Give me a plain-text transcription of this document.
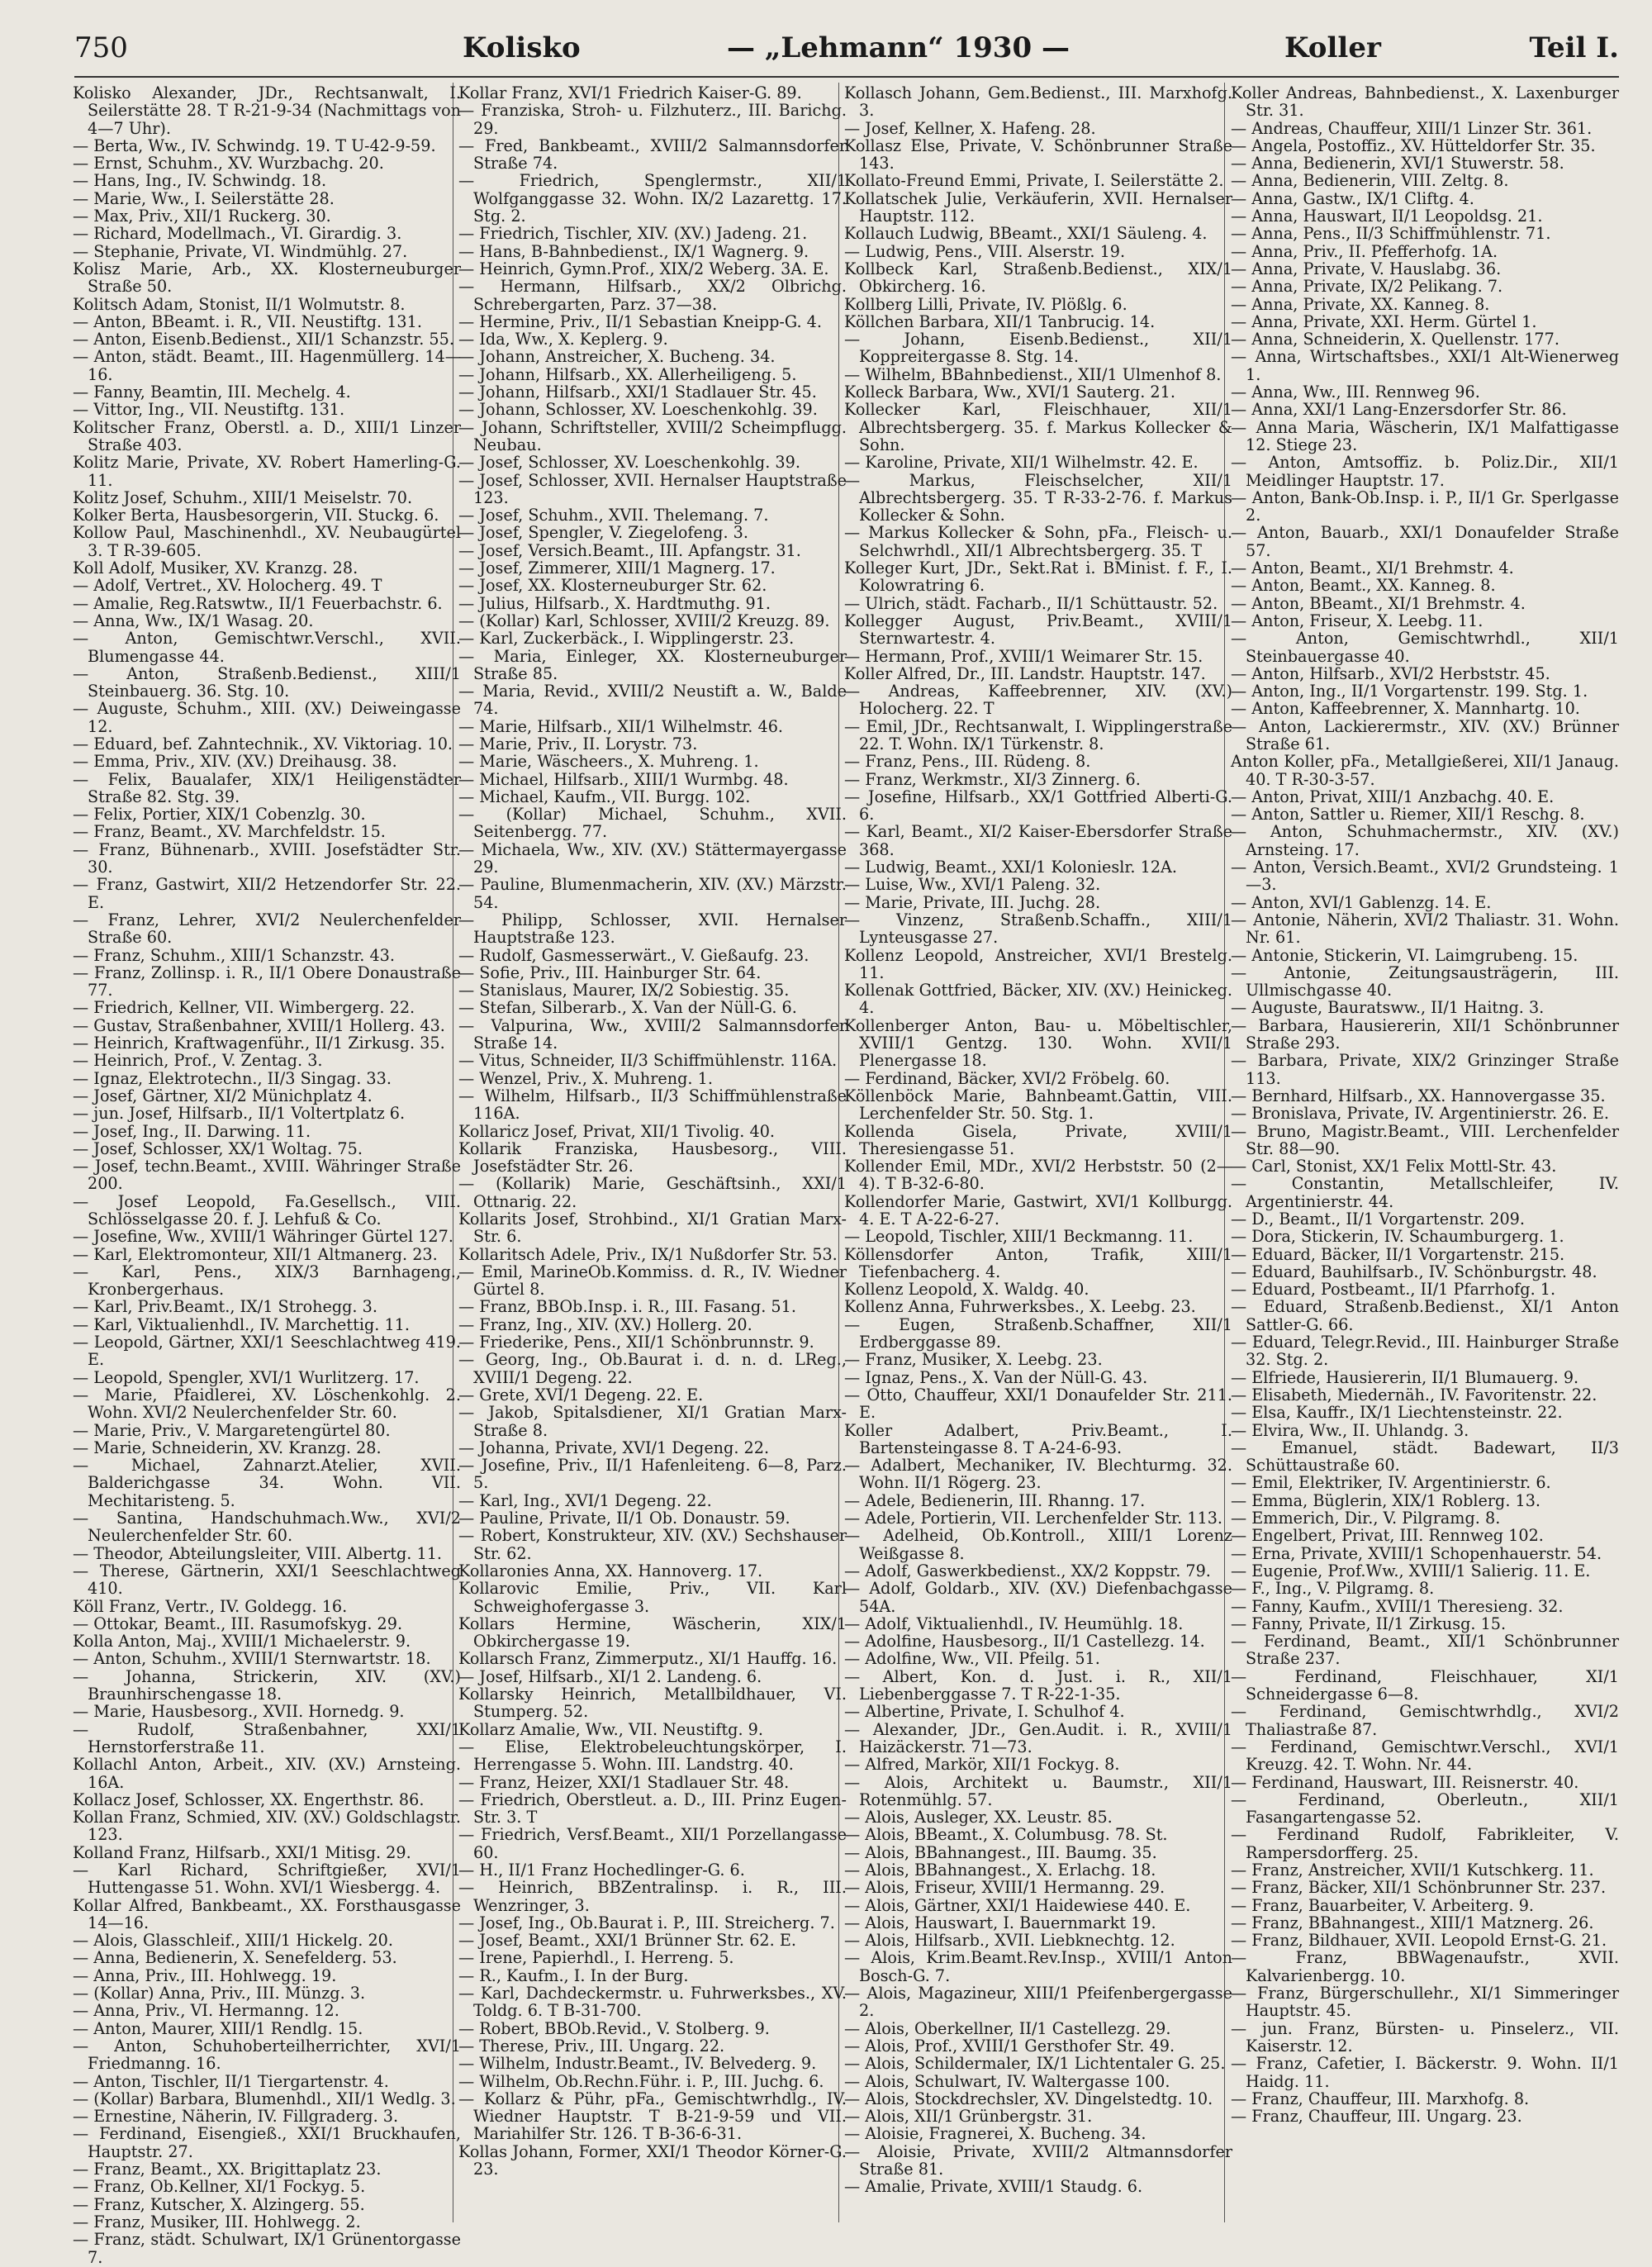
750	Kolisko	— „Lehmann“ 1930 —	Koller	Teil I.

Kolisko Alexander, JDr., Rechtsanwalt, I. Seilerstätte 28. T R-21-9-34 (Nachmittags von 4—7 Uhr).

— Berta, Ww., IV. Schwindg. 19. T U-42-9-59.

— Ernst, Schuhm., XV. Wurzbachg. 20.

— Hans, Ing., IV. Schwindg. 18.

— Marie, Ww., I. Seilerstätte 28.

— Max, Priv., XII/1 Ruckerg. 30.

— Richard, Modellmach., VI. Girardig. 3.

— Stephanie, Private, VI. Windmühlg. 27.

Kolisz Marie, Arb., XX. Klosterneuburger Straße 50.

Kolitsch Adam, Stonist, II/1 Wolmutstr. 8.

— Anton, BBeamt. i. R., VII. Neustiftg. 131.

— Anton, Eisenb.Bedienst., XII/1 Schanzstr. 55.

— Anton, städt. Beamt., III. Hagenmüllerg. 14—16.

— Fanny, Beamtin, III. Mechelg. 4.

— Vittor, Ing., VII. Neustiftg. 131.

Kolitscher Franz, Oberstl. a. D., XIII/1 Linzer Straße 403.

Kolitz Marie, Private, XV. Robert Hamerling-G. 11.

Kolitz Josef, Schuhm., XIII/1 Meiselstr. 70.

Kolker Berta, Hausbesorgerin, VII. Stuckg. 6.

Kollow Paul, Maschinenhdl., XV. Neubaugürtel 3. T R-39-605.

Koll Adolf, Musiker, XV. Kranzg. 28.

— Adolf, Vertret., XV. Holocherg. 49. T

— Amalie, Reg.Ratswtw., II/1 Feuerbachstr. 6.

— Anna, Ww., IX/1 Wasag. 20.

— Anton, Gemischtwr.Verschl., XVII. Blumengasse 44.

— Anton, Straßenb.Bedienst., XIII/1 Steinbauerg. 36. Stg. 10.

— Auguste, Schuhm., XIII. (XV.) Deiweingasse 12.

— Eduard, bef. Zahntechnik., XV. Viktoriag. 10.

— Emma, Priv., XIV. (XV.) Dreihausg. 38.

— Felix, Baualafer, XIX/1 Heiligenstädter Straße 82. Stg. 39.

— Felix, Portier, XIX/1 Cobenzlg. 30.

— Franz, Beamt., XV. Marchfeldstr. 15.

— Franz, Bühnenarb., XVIII. Josefstädter Str. 30.

— Franz, Gastwirt, XII/2 Hetzendorfer Str. 22. E.

— Franz, Lehrer, XVI/2 Neulerchenfelder Straße 60.

— Franz, Schuhm., XIII/1 Schanzstr. 43.

— Franz, Zollinsp. i. R., II/1 Obere Donaustraße 77.

— Friedrich, Kellner, VII. Wimbergerg. 22.

— Gustav, Straßenbahner, XVIII/1 Hollerg. 43.

— Heinrich, Kraftwagenführ., II/1 Zirkusg. 35.

— Heinrich, Prof., V. Zentag. 3.

— Ignaz, Elektrotechn., II/3 Singag. 33.

— Josef, Gärtner, XI/2 Münichplatz 4.

— jun. Josef, Hilfsarb., II/1 Voltertplatz 6.

— Josef, Ing., II. Darwing. 11.

— Josef, Schlosser, XX/1 Woltag. 75.

— Josef, techn.Beamt., XVIII. Währinger Straße 200.

— Josef Leopold, Fa.Gesellsch., VIII. Schlösselgasse 20. f. J. Lehfuß & Co.

— Josefine, Ww., XVIII/1 Währinger Gürtel 127.

— Karl, Elektromonteur, XII/1 Altmanerg. 23.

— Karl, Pens., XIX/3 Barnhageng., Kronbergerhaus.

— Karl, Priv.Beamt., IX/1 Strohegg. 3.

— Karl, Viktualienhdl., IV. Marchettig. 11.

— Leopold, Gärtner, XXI/1 Seeschlachtweg 419. E.

— Leopold, Spengler, XVI/1 Wurlitzerg. 17.

— Marie, Pfaidlerei, XV. Löschenkohlg. 2. Wohn. XVI/2 Neulerchenfelder Str. 60.

— Marie, Priv., V. Margaretengürtel 80.

— Marie, Schneiderin, XV. Kranzg. 28.

— Michael, Zahnarzt.Atelier, XVII. Balderichgasse 34. Wohn. VII. Mechitaristeng. 5.

— Santina, Handschuhmach.Ww., XVI/2 Neulerchenfelder Str. 60.

— Theodor, Abteilungsleiter, VIII. Albertg. 11.

— Therese, Gärtnerin, XXI/1 Seeschlachtweg 410.

Köll Franz, Vertr., IV. Goldegg. 16.

— Ottokar, Beamt., III. Rasumofskyg. 29.

Kolla Anton, Maj., XVIII/1 Michaelerstr. 9.

— Anton, Schuhm., XVIII/1 Sternwartstr. 18.

— Johanna, Strickerin, XIV. (XV.) Braunhirschengasse 18.

— Marie, Hausbesorg., XVII. Hornedg. 9.

— Rudolf, Straßenbahner, XXI/1 Hernstorferstraße 11.

Kollachl Anton, Arbeit., XIV. (XV.) Arnsteing. 16A.

Kollacz Josef, Schlosser, XX. Engerthstr. 86.

Kollan Franz, Schmied, XIV. (XV.) Goldschlagstr. 123.

Kolland Franz, Hilfsarb., XXI/1 Mitisg. 29.

— Karl Richard, Schriftgießer, XVI/1 Huttengasse 51. Wohn. XVI/1 Wiesbergg. 4.

Kollar Alfred, Bankbeamt., XX. Forsthausgasse 14—16.

— Alois, Glasschleif., XIII/1 Hickelg. 20.

— Anna, Bedienerin, X. Senefelderg. 53.

— Anna, Priv., III. Hohlwegg. 19.

— (Kollar) Anna, Priv., III. Münzg. 3.

— Anna, Priv., VI. Hermanng. 12.

— Anton, Maurer, XIII/1 Rendlg. 15.

— Anton, Schuhoberteilherrichter, XVI/1 Friedmanng. 16.

— Anton, Tischler, II/1 Tiergartenstr. 4.

— (Kollar) Barbara, Blumenhdl., XII/1 Wedlg. 3.

— Ernestine, Näherin, IV. Fillgraderg. 3.

— Ferdinand, Eisengieß., XXI/1 Bruckhaufen, Hauptstr. 27.

— Franz, Beamt., XX. Brigittaplatz 23.

— Franz, Ob.Kellner, XI/1 Fockyg. 5.

— Franz, Kutscher, X. Alzingerg. 55.

— Franz, Musiker, III. Hohlwegg. 2.

— Franz, städt. Schulwart, IX/1 Grünentorgasse 7.

Kollar Franz, XVI/1 Friedrich Kaiser-G. 89.

— Franziska, Stroh- u. Filzhuterz., III. Barichg. 29.

— Fred, Bankbeamt., XVIII/2 Salmannsdorfer Straße 74.

— Friedrich, Spenglermstr., XII/1 Wolfganggasse 32. Wohn. IX/2 Lazarettg. 17. Stg. 2.

— Friedrich, Tischler, XIV. (XV.) Jadeng. 21.

— Hans, B-Bahnbedienst., IX/1 Wagnerg. 9.

— Heinrich, Gymn.Prof., XIX/2 Weberg. 3A. E.

— Hermann, Hilfsarb., XX/2 Olbrichg. Schrebergarten, Parz. 37—38.

— Hermine, Priv., II/1 Sebastian Kneipp-G. 4.

— Ida, Ww., X. Keplerg. 9.

— Johann, Anstreicher, X. Bucheng. 34.

— Johann, Hilfsarb., XX. Allerheiligeng. 5.

— Johann, Hilfsarb., XXI/1 Stadlauer Str. 45.

— Johann, Schlosser, XV. Loeschenkohlg. 39.

— Johann, Schriftsteller, XVIII/2 Scheimpflugg. Neubau.

— Josef, Schlosser, XV. Loeschenkohlg. 39.

— Josef, Schlosser, XVII. Hernalser Hauptstraße 123.

— Josef, Schuhm., XVII. Thelemang. 7.

— Josef, Spengler, V. Ziegelofeng. 3.

— Josef, Versich.Beamt., III. Apfangstr. 31.

— Josef, Zimmerer, XIII/1 Magnerg. 17.

— Josef, XX. Klosterneuburger Str. 62.

— Julius, Hilfsarb., X. Hardtmuthg. 91.

— (Kollar) Karl, Schlosser, XVIII/2 Kreuzg. 89.

— Karl, Zuckerbäck., I. Wipplingerstr. 23.

— Maria, Einleger, XX. Klosterneuburger Straße 85.

— Maria, Revid., XVIII/2 Neustift a. W., Balde 74.

— Marie, Hilfsarb., XII/1 Wilhelmstr. 46.

— Marie, Priv., II. Lorystr. 73.

— Marie, Wäscheers., X. Muhreng. 1.

— Michael, Hilfsarb., XIII/1 Wurmbg. 48.

— Michael, Kaufm., VII. Burgg. 102.

— (Kollar) Michael, Schuhm., XVII. Seitenbergg. 77.

— Michaela, Ww., XIV. (XV.) Stättermayergasse 29.

— Pauline, Blumenmacherin, XIV. (XV.) Märzstr. 54.

— Philipp, Schlosser, XVII. Hernalser Hauptstraße 123.

— Rudolf, Gasmesserwärt., V. Gießaufg. 23.

— Sofie, Priv., III. Hainburger Str. 64.

— Stanislaus, Maurer, IX/2 Sobiestig. 35.

— Stefan, Silberarb., X. Van der Nüll-G. 6.

— Valpurina, Ww., XVIII/2 Salmannsdorfer Straße 14.

— Vitus, Schneider, II/3 Schiffmühlenstr. 116A.

— Wenzel, Priv., X. Muhreng. 1.

— Wilhelm, Hilfsarb., II/3 Schiffmühlenstraße 116A.

Kollaricz Josef, Privat, XII/1 Tivolig. 40.

Kollarik Franziska, Hausbesorg., VIII. Josefstädter Str. 26.

— (Kollarik) Marie, Geschäftsinh., XXI/1 Ottnarig. 22.

Kollarits Josef, Strohbind., XI/1 Gratian Marx-Str. 6.

Kollaritsch Adele, Priv., IX/1 Nußdorfer Str. 53.

— Emil, MarineOb.Kommiss. d. R., IV. Wiedner Gürtel 8.

— Franz, BBOb.Insp. i. R., III. Fasang. 51.

— Franz, Ing., XIV. (XV.) Hollerg. 20.

— Friederike, Pens., XII/1 Schönbrunnstr. 9.

— Georg, Ing., Ob.Baurat i. d. n. d. LReg., XVIII/1 Degeng. 22.

— Grete, XVI/1 Degeng. 22. E.

— Jakob, Spitalsdiener, XI/1 Gratian Marx-Straße 8.

— Johanna, Private, XVI/1 Degeng. 22.

— Josefine, Priv., II/1 Hafenleiteng. 6—8, Parz. 5.

— Karl, Ing., XVI/1 Degeng. 22.

— Pauline, Private, II/1 Ob. Donaustr. 59.

— Robert, Konstrukteur, XIV. (XV.) Sechshauser Str. 62.

Kollaronies Anna, XX. Hannoverg. 17.

Kollarovic Emilie, Priv., VII. Karl Schweighofergasse 3.

Kollars Hermine, Wäscherin, XIX/1 Obkirchergasse 19.

Kollarsch Franz, Zimmerputz., XI/1 Hauffg. 16.

— Josef, Hilfsarb., XI/1 2. Landeng. 6.

Kollarsky Heinrich, Metallbildhauer, VI. Stumperg. 52.

Kollarz Amalie, Ww., VII. Neustiftg. 9.

— Elise, Elektrobeleuchtungskörper, I. Herrengasse 5. Wohn. III. Landstrg. 40.

— Franz, Heizer, XXI/1 Stadlauer Str. 48.

— Friedrich, Oberstleut. a. D., III. Prinz Eugen-Str. 3. T

— Friedrich, Versf.Beamt., XII/1 Porzellangasse 60.

— H., II/1 Franz Hochedlinger-G. 6.

— Heinrich, BBZentralinsp. i. R., III. Wenzringer, 3.

— Josef, Ing., Ob.Baurat i. P., III. Streicherg. 7.

— Josef, Beamt., XXI/1 Brünner Str. 62. E.

— Irene, Papierhdl., I. Herreng. 5.

— R., Kaufm., I. In der Burg.

— Karl, Dachdeckermstr. u. Fuhrwerksbes., XV. Toldg. 6. T B-31-700.

— Robert, BBOb.Revid., V. Stolberg. 9.

— Therese, Priv., III. Ungarg. 22.

— Wilhelm, Industr.Beamt., IV. Belvederg. 9.

— Wilhelm, Ob.Rechn.Führ. i. P., III. Juchg. 6.

— Kollarz & Pühr, pFa., Gemischtwrhdlg., IV. Wiedner Hauptstr. T B-21-9-59 und VII. Mariahilfer Str. 126. T B-36-6-31.

Kollas Johann, Former, XXI/1 Theodor Körner-G. 23.

Kollasch Johann, Gem.Bedienst., III. Marxhofg. 3.

— Josef, Kellner, X. Hafeng. 28.

Kollasz Else, Private, V. Schönbrunner Straße 143.

Kollato-Freund Emmi, Private, I. Seilerstätte 2.

Kollatschek Julie, Verkäuferin, XVII. Hernalser Hauptstr. 112.

Kollauch Ludwig, BBeamt., XXI/1 Säuleng. 4.

— Ludwig, Pens., VIII. Alserstr. 19.

Kollbeck Karl, Straßenb.Bedienst., XIX/1 Obkircherg. 16.

Kollberg Lilli, Private, IV. Plößlg. 6.

Köllchen Barbara, XII/1 Tanbrucig. 14.

— Johann, Eisenb.Bedienst., XII/1 Koppreitergasse 8. Stg. 14.

— Wilhelm, BBahnbedienst., XII/1 Ulmenhof 8.

Kolleck Barbara, Ww., XVI/1 Sauterg. 21.

Kollecker Karl, Fleischhauer, XII/1 Albrechtsbergerg. 35. f. Markus Kollecker & Sohn.

— Karoline, Private, XII/1 Wilhelmstr. 42. E.

— Markus, Fleischselcher, XII/1 Albrechtsbergerg. 35. T R-33-2-76. f. Markus Kollecker & Sohn.

— Markus Kollecker & Sohn, pFa., Fleisch- u. Selchwrhdl., XII/1 Albrechtsbergerg. 35. T

Kolleger Kurt, JDr., Sekt.Rat i. BMinist. f. F., I. Kolowratring 6.

— Ulrich, städt. Facharb., II/1 Schüttaustr. 52.

Kollegger August, Priv.Beamt., XVIII/1 Sternwartestr. 4.

— Hermann, Prof., XVIII/1 Weimarer Str. 15.

Koller Alfred, Dr., III. Landstr. Hauptstr. 147.

— Andreas, Kaffeebrenner, XIV. (XV.) Holocherg. 22. T

— Emil, JDr., Rechtsanwalt, I. Wipplingerstraße 22. T. Wohn. IX/1 Türkenstr. 8.

— Franz, Pens., III. Rüdeng. 8.

— Franz, Werkmstr., XI/3 Zinnerg. 6.

— Josefine, Hilfsarb., XX/1 Gottfried Alberti-G. 6.

— Karl, Beamt., XI/2 Kaiser-Ebersdorfer Straße 368.

— Ludwig, Beamt., XXI/1 Kolonieslr. 12A.

— Luise, Ww., XVI/1 Paleng. 32.

— Marie, Private, III. Juchg. 28.

— Vinzenz, Straßenb.Schaffn., XIII/1 Lynteusgasse 27.

Kollenz Leopold, Anstreicher, XVI/1 Brestelg. 11.

Kollenak Gottfried, Bäcker, XIV. (XV.) Heinickeg. 4.

Kollenberger Anton, Bau- u. Möbeltischler, XVIII/1 Gentzg. 130. Wohn. XVII/1 Plenergasse 18.

— Ferdinand, Bäcker, XVI/2 Fröbelg. 60.

Köllenböck Marie, Bahnbeamt.Gattin, VIII. Lerchenfelder Str. 50. Stg. 1.

Kollenda Gisela, Private, XVIII/1 Theresiengasse 51.

Kollender Emil, MDr., XVI/2 Herbststr. 50 (2—4). T B-32-6-80.

Kollendorfer Marie, Gastwirt, XVI/1 Kollburgg. 4. E. T A-22-6-27.

— Leopold, Tischler, XIII/1 Beckmanng. 11.

Köllensdorfer Anton, Trafik, XIII/1 Tiefenbacherg. 4.

Kollenz Leopold, X. Waldg. 40.

Kollenz Anna, Fuhrwerksbes., X. Leebg. 23.

— Eugen, Straßenb.Schaffner, XII/1 Erdberggasse 89.

— Franz, Musiker, X. Leebg. 23.

— Ignaz, Pens., X. Van der Nüll-G. 43.

— Otto, Chauffeur, XXI/1 Donaufelder Str. 211. E.

Koller Adalbert, Priv.Beamt., I. Bartensteingasse 8. T A-24-6-93.

— Adalbert, Mechaniker, IV. Blechturmg. 32. Wohn. II/1 Rögerg. 23.

— Adele, Bedienerin, III. Rhanng. 17.

— Adele, Portierin, VII. Lerchenfelder Str. 113.

— Adelheid, Ob.Kontroll., XIII/1 Lorenz Weißgasse 8.

— Adolf, Gaswerkbedienst., XX/2 Koppstr. 79.

— Adolf, Goldarb., XIV. (XV.) Diefenbachgasse 54A.

— Adolf, Viktualienhdl., IV. Heumühlg. 18.

— Adolfine, Hausbesorg., II/1 Castellezg. 14.

— Adolfine, Ww., VII. Pfeilg. 51.

— Albert, Kon. d. Just. i. R., XII/1 Liebenberggasse 7. T R-22-1-35.

— Albertine, Private, I. Schulhof 4.

— Alexander, JDr., Gen.Audit. i. R., XVIII/1 Haizäckerstr. 71—73.

— Alfred, Markör, XII/1 Fockyg. 8.

— Alois, Architekt u. Baumstr., XII/1 Rotenmühlg. 57.

— Alois, Ausleger, XX. Leustr. 85.

— Alois, BBeamt., X. Columbusg. 78. St.

— Alois, BBahnangest., III. Baumg. 35.

— Alois, BBahnangest., X. Erlachg. 18.

— Alois, Friseur, XVIII/1 Hermanng. 29.

— Alois, Gärtner, XXI/1 Haidewiese 440. E.

— Alois, Hauswart, I. Bauernmarkt 19.

— Alois, Hilfsarb., XVII. Liebknechtg. 12.

— Alois, Krim.Beamt.Rev.Insp., XVIII/1 Anton Bosch-G. 7.

— Alois, Magazineur, XIII/1 Pfeifenbergergasse 2.

— Alois, Oberkellner, II/1 Castellezg. 29.

— Alois, Prof., XVIII/1 Gersthofer Str. 49.

— Alois, Schildermaler, IX/1 Lichtentaler G. 25.

— Alois, Schulwart, IV. Waltergasse 100.

— Alois, Stockdrechsler, XV. Dingelstedtg. 10.

— Alois, XII/1 Grünbergstr. 31.

— Aloisie, Fragnerei, X. Bucheng. 34.

— Aloisie, Private, XVIII/2 Altmannsdorfer Straße 81.

— Amalie, Private, XVIII/1 Staudg. 6.

Koller Andreas, Bahnbedienst., X. Laxenburger Str. 31.

— Andreas, Chauffeur, XIII/1 Linzer Str. 361.

— Angela, Postoffiz., XV. Hütteldorfer Str. 35.

— Anna, Bedienerin, XVI/1 Stuwerstr. 58.

— Anna, Bedienerin, VIII. Zeltg. 8.

— Anna, Gastw., IX/1 Cliftg. 4.

— Anna, Hauswart, II/1 Leopoldsg. 21.

— Anna, Pens., II/3 Schiffmühlenstr. 71.

— Anna, Priv., II. Pfefferhofg. 1A.

— Anna, Private, V. Hauslabg. 36.

— Anna, Private, IX/2 Pelikang. 7.

— Anna, Private, XX. Kanneg. 8.

— Anna, Private, XXI. Herm. Gürtel 1.

— Anna, Schneiderin, X. Quellenstr. 177.

— Anna, Wirtschaftsbes., XXI/1 Alt-Wienerweg 1.

— Anna, Ww., III. Rennweg 96.

— Anna, XXI/1 Lang-Enzersdorfer Str. 86.

— Anna Maria, Wäscherin, IX/1 Malfattigasse 12. Stiege 23.

— Anton, Amtsoffiz. b. Poliz.Dir., XII/1 Meidlinger Hauptstr. 17.

— Anton, Bank-Ob.Insp. i. P., II/1 Gr. Sperlgasse 2.

— Anton, Bauarb., XXI/1 Donaufelder Straße 57.

— Anton, Beamt., XI/1 Brehmstr. 4.

— Anton, Beamt., XX. Kanneg. 8.

— Anton, BBeamt., XI/1 Brehmstr. 4.

— Anton, Friseur, X. Leebg. 11.

— Anton, Gemischtwrhdl., XII/1 Steinbauergasse 40.

— Anton, Hilfsarb., XVI/2 Herbststr. 45.

— Anton, Ing., II/1 Vorgartenstr. 199. Stg. 1.

— Anton, Kaffeebrenner, X. Mannhartg. 10.

— Anton, Lackierermstr., XIV. (XV.) Brünner Straße 61.

Anton Koller, pFa., Metallgießerei, XII/1 Janaug. 40. T R-30-3-57.

— Anton, Privat, XIII/1 Anzbachg. 40. E.

— Anton, Sattler u. Riemer, XII/1 Reschg. 8.

— Anton, Schuhmachermstr., XIV. (XV.) Arnsteing. 17.

— Anton, Versich.Beamt., XVI/2 Grundsteing. 1—3.

— Anton, XVI/1 Gablenzg. 14. E.

— Antonie, Näherin, XVI/2 Thaliastr. 31. Wohn. Nr. 61.

— Antonie, Stickerin, VI. Laimgrubeng. 15.

— Antonie, Zeitungsausträgerin, III. Ullmischgasse 40.

— Auguste, Bauratsww., II/1 Haitng. 3.

— Barbara, Hausiererin, XII/1 Schönbrunner Straße 293.

— Barbara, Private, XIX/2 Grinzinger Straße 113.

— Bernhard, Hilfsarb., XX. Hannovergasse 35.

— Bronislava, Private, IV. Argentinierstr. 26. E.

— Bruno, Magistr.Beamt., VIII. Lerchenfelder Str. 88—90.

— Carl, Stonist, XX/1 Felix Mottl-Str. 43.

— Constantin, Metallschleifer, IV. Argentinierstr. 44.

— D., Beamt., II/1 Vorgartenstr. 209.

— Dora, Stickerin, IV. Schaumburgerg. 1.

— Eduard, Bäcker, II/1 Vorgartenstr. 215.

— Eduard, Bauhilfsarb., IV. Schönburgstr. 48.

— Eduard, Postbeamt., II/1 Pfarrhofg. 1.

— Eduard, Straßenb.Bedienst., XI/1 Anton Sattler-G. 66.

— Eduard, Telegr.Revid., III. Hainburger Straße 32. Stg. 2.

— Elfriede, Hausiererin, II/1 Blumauerg. 9.

— Elisabeth, Miedernäh., IV. Favoritenstr. 22.

— Elsa, Kauffr., IX/1 Liechtensteinstr. 22.

— Elvira, Ww., II. Uhlandg. 3.

— Emanuel, städt. Badewart, II/3 Schüttaustraße 60.

— Emil, Elektriker, IV. Argentinierstr. 6.

— Emma, Büglerin, XIX/1 Roblerg. 13.

— Emmerich, Dir., V. Pilgramg. 8.

— Engelbert, Privat, III. Rennweg 102.

— Erna, Private, XVIII/1 Schopenhauerstr. 54.

— Eugenie, Prof.Ww., XVIII/1 Salierig. 11. E.

— F., Ing., V. Pilgramg. 8.

— Fanny, Kaufm., XVIII/1 Theresieng. 32.

— Fanny, Private, II/1 Zirkusg. 15.

— Ferdinand, Beamt., XII/1 Schönbrunner Straße 237.

— Ferdinand, Fleischhauer, XI/1 Schneidergasse 6—8.

— Ferdinand, Gemischtwrhdlg., XVI/2 Thaliastraße 87.

— Ferdinand, Gemischtwr.Verschl., XVI/1 Kreuzg. 42. T. Wohn. Nr. 44.

— Ferdinand, Hauswart, III. Reisnerstr. 40.

— Ferdinand, Oberleutn., XII/1 Fasangartengasse 52.

— Ferdinand Rudolf, Fabrikleiter, V. Rampersdorfferg. 25.

— Franz, Anstreicher, XVII/1 Kutschkerg. 11.

— Franz, Bäcker, XII/1 Schönbrunner Str. 237.

— Franz, Bauarbeiter, V. Arbeiterg. 9.

— Franz, BBahnangest., XIII/1 Matznerg. 26.

— Franz, Bildhauer, XVII. Leopold Ernst-G. 21.

— Franz, BBWagenaufstr., XVII. Kalvarienbergg. 10.

— Franz, Bürgerschullehr., XI/1 Simmeringer Hauptstr. 45.

— jun. Franz, Bürsten- u. Pinselerz., VII. Kaiserstr. 12.

— Franz, Cafetier, I. Bäckerstr. 9. Wohn. II/1 Haidg. 11.

— Franz, Chauffeur, III. Marxhofg. 8.

— Franz, Chauffeur, III. Ungarg. 23.
